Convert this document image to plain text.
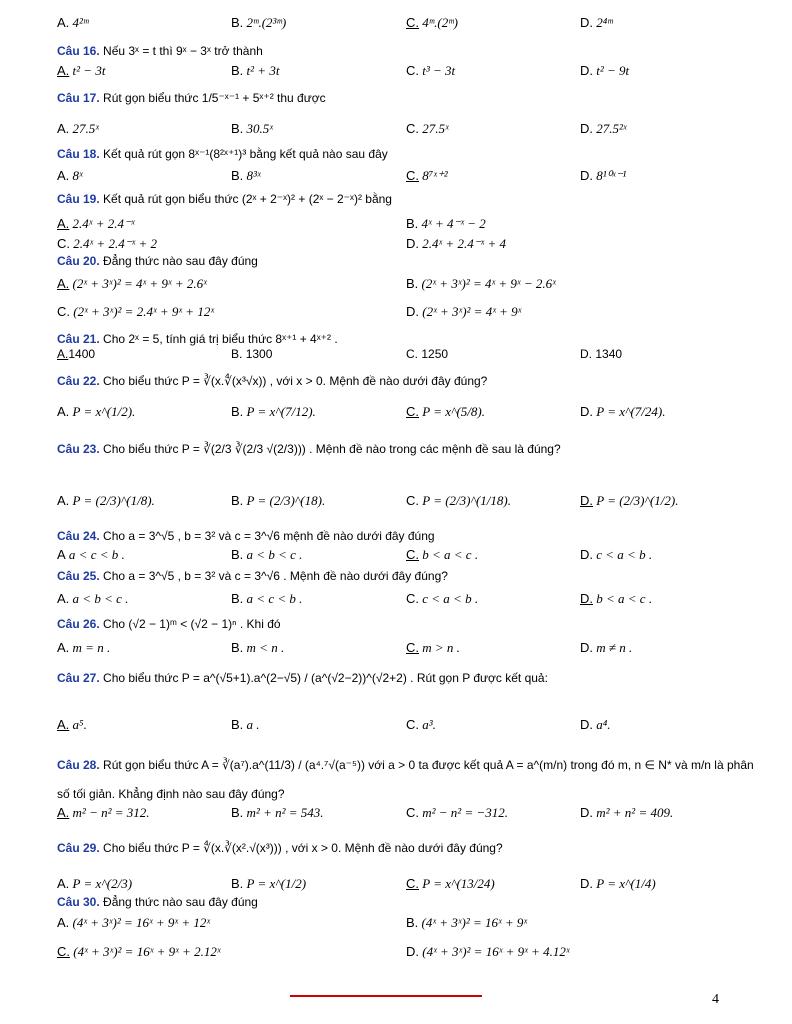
A. 4²ᵐ	B. 2ᵐ.(2³ᵐ)	C. 4ᵐ.(2ᵐ)	D. 2⁴ᵐ
Câu 16. Nếu 3ˣ = t thì 9ˣ − 3ˣ trở thành
A. t² − 3t	B. t² + 3t	C. t³ − 3t	D. t² − 9t
Câu 17. Rút gọn biểu thức 1/5⁻ˣ⁻¹ + 5ˣ⁺² thu được
A. 27.5ˣ	B. 30.5ˣ	C. 27.5ˣ	D. 27.5²ˣ
Câu 18. Kết quả rút gọn 8ˣ⁻¹(8²ˣ⁺¹)³ bằng kết quả nào sau đây
A. 8ˣ	B. 8³ˣ	C. 8⁷ˣ⁺²	D. 8¹⁰ˣ⁻¹
Câu 19. Kết quả rút gọn biểu thức (2ˣ + 2⁻ˣ)² + (2ˣ − 2⁻ˣ)² bằng
A. 2.4ˣ + 2.4⁻ˣ	B. 4ˣ + 4⁻ˣ − 2
C. 2.4ˣ + 2.4⁻ˣ + 2	D. 2.4ˣ + 2.4⁻ˣ + 4
Câu 20. Đẳng thức nào sau đây đúng
A. (2ˣ + 3ˣ)² = 4ˣ + 9ˣ + 2.6ˣ	B. (2ˣ + 3ˣ)² = 4ˣ + 9ˣ − 2.6ˣ
C. (2ˣ + 3ˣ)² = 2.4ˣ + 9ˣ + 12ˣ	D. (2ˣ + 3ˣ)² = 4ˣ + 9ˣ
Câu 21. Cho 2ˣ = 5, tính giá trị biểu thức 8ˣ⁺¹ + 4ˣ⁺² .
A.1400	B. 1300	C. 1250	D. 1340
Câu 22. Cho biểu thức P = ∛(x.∜(x³√x)) , với x > 0. Mệnh đề nào dưới đây đúng?
A. P = x^(1/2).	B. P = x^(7/12).	C. P = x^(5/8).	D. P = x^(7/24).
Câu 23. Cho biểu thức P = ∛(2/3 ∛(2/3 √(2/3))) . Mệnh đề nào trong các mệnh đề sau là đúng?
A. P = (2/3)^(1/8).	B. P = (2/3)^(18).	C. P = (2/3)^(1/18).	D. P = (2/3)^(1/2).
Câu 24. Cho a = 3^√5 , b = 3² và c = 3^√6 mệnh đề nào dưới đây đúng
A a < c < b .	B. a < b < c .	C. b < a < c .	D. c < a < b .
Câu 25. Cho a = 3^√5 , b = 3² và c = 3^√6 . Mệnh đề nào dưới đây đúng?
A. a < b < c .	B. a < c < b .	C. c < a < b .	D. b < a < c .
Câu 26. Cho (√2 − 1)ᵐ < (√2 − 1)ⁿ . Khi đó
A. m = n .	B. m < n .	C. m > n .	D. m ≠ n .
Câu 27. Cho biểu thức P = a^(√5+1).a^(2−√5) / (a^(√2−2))^(√2+2) . Rút gọn P được kết quả:
A. a⁵.	B. a .	C. a³.	D. a⁴.
Câu 28. Rút gọn biểu thức A = ∛(a⁷).a^(11/3) / (a⁴.⁷√(a⁻⁵)) với a > 0 ta được kết quả A = a^(m/n) trong đó m, n ∈ N* và m/n là phân
số tối giản. Khẳng định nào sau đây đúng?
A. m² − n² = 312.	B. m² + n² = 543.	C. m² − n² = −312.	D. m² + n² = 409.
Câu 29. Cho biểu thức P = ∜(x.∛(x².√(x³))) , với x > 0. Mệnh đề nào dưới đây đúng?
A. P = x^(2/3)	B. P = x^(1/2)	C. P = x^(13/24)	D. P = x^(1/4)
Câu 30. Đẳng thức nào sau đây đúng
A. (4ˣ + 3ˣ)² = 16ˣ + 9ˣ + 12ˣ	B. (4ˣ + 3ˣ)² = 16ˣ + 9ˣ
C. (4ˣ + 3ˣ)² = 16ˣ + 9ˣ + 2.12ˣ	D. (4ˣ + 3ˣ)² = 16ˣ + 9ˣ + 4.12ˣ
4
